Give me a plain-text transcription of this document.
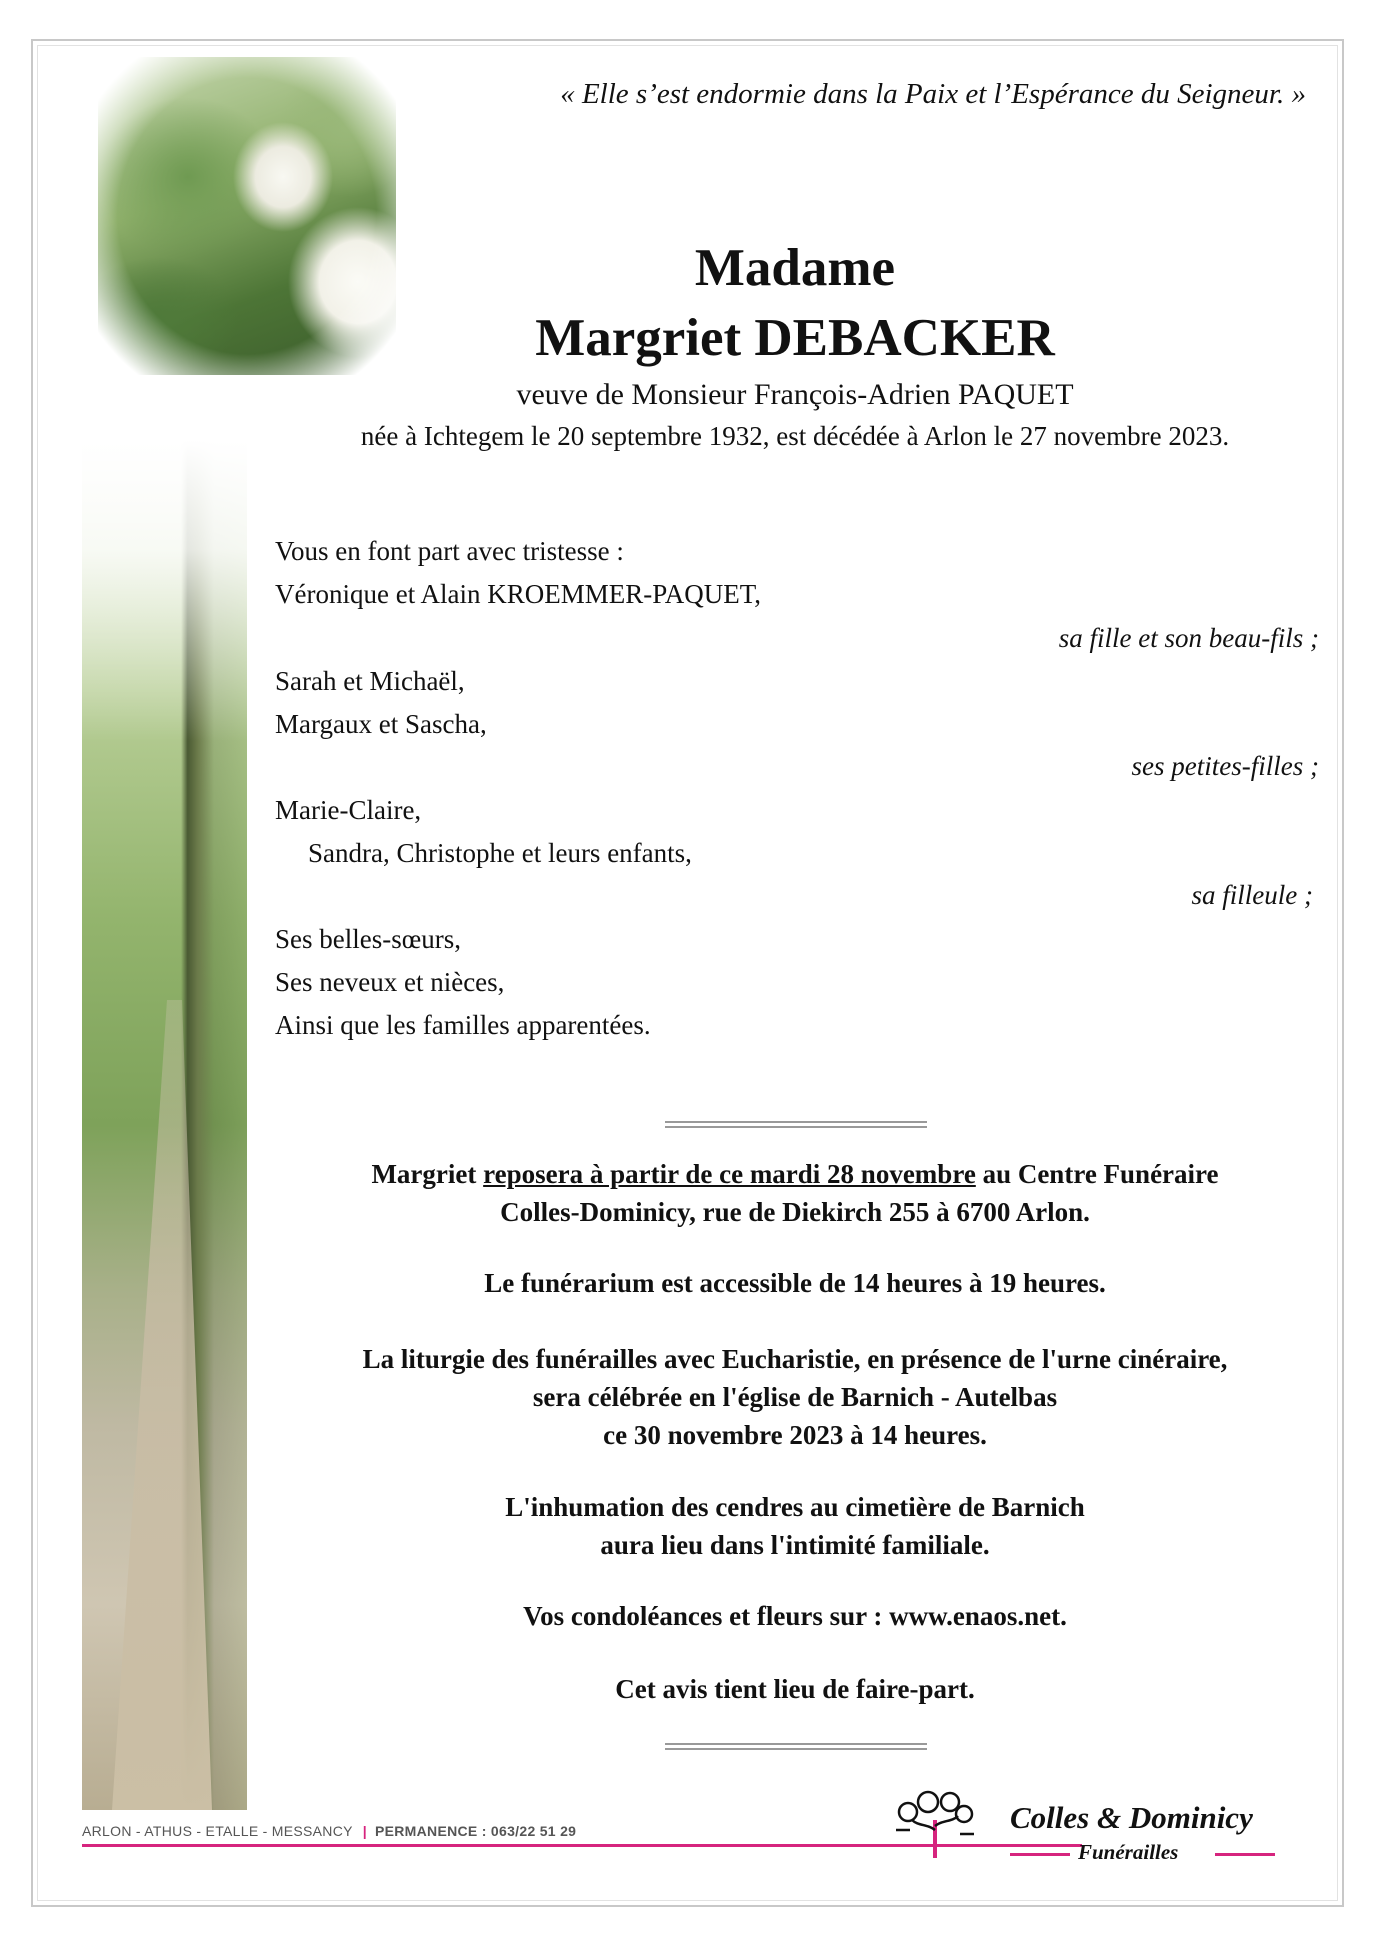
« Elle s’est endormie dans la Paix et l’Espérance du Seigneur. »
Madame
Margriet DEBACKER
veuve de Monsieur François-Adrien PAQUET
née à Ichtegem le 20 septembre 1932, est décédée à Arlon le 27 novembre 2023.
Vous en font part avec tristesse :
Véronique et Alain KROEMMER-PAQUET,
sa fille et son beau-fils ;
Sarah et Michaël,
Margaux et Sascha,
ses petites-filles ;
Marie-Claire,
Sandra, Christophe et leurs enfants,
sa filleule ;
Ses belles-sœurs,
Ses neveux et nièces,
Ainsi que les familles apparentées.
Margriet reposera à partir de ce mardi 28 novembre au Centre Funéraire
Colles-Dominicy, rue de Diekirch 255 à 6700 Arlon.
Le funérarium est accessible de 14 heures à 19 heures.
La liturgie des funérailles avec Eucharistie, en présence de l'urne cinéraire,
sera célébrée en l'église de Barnich - Autelbas
ce 30 novembre 2023 à 14 heures.
L'inhumation des cendres au cimetière de Barnich
aura lieu dans l'intimité familiale.
Vos condoléances et fleurs sur : www.enaos.net.
Cet avis tient lieu de faire-part.
ARLON - ATHUS - ETALLE - MESSANCY | PERMANENCE : 063/22 51 29	Colles & Dominicy
Funérailles
